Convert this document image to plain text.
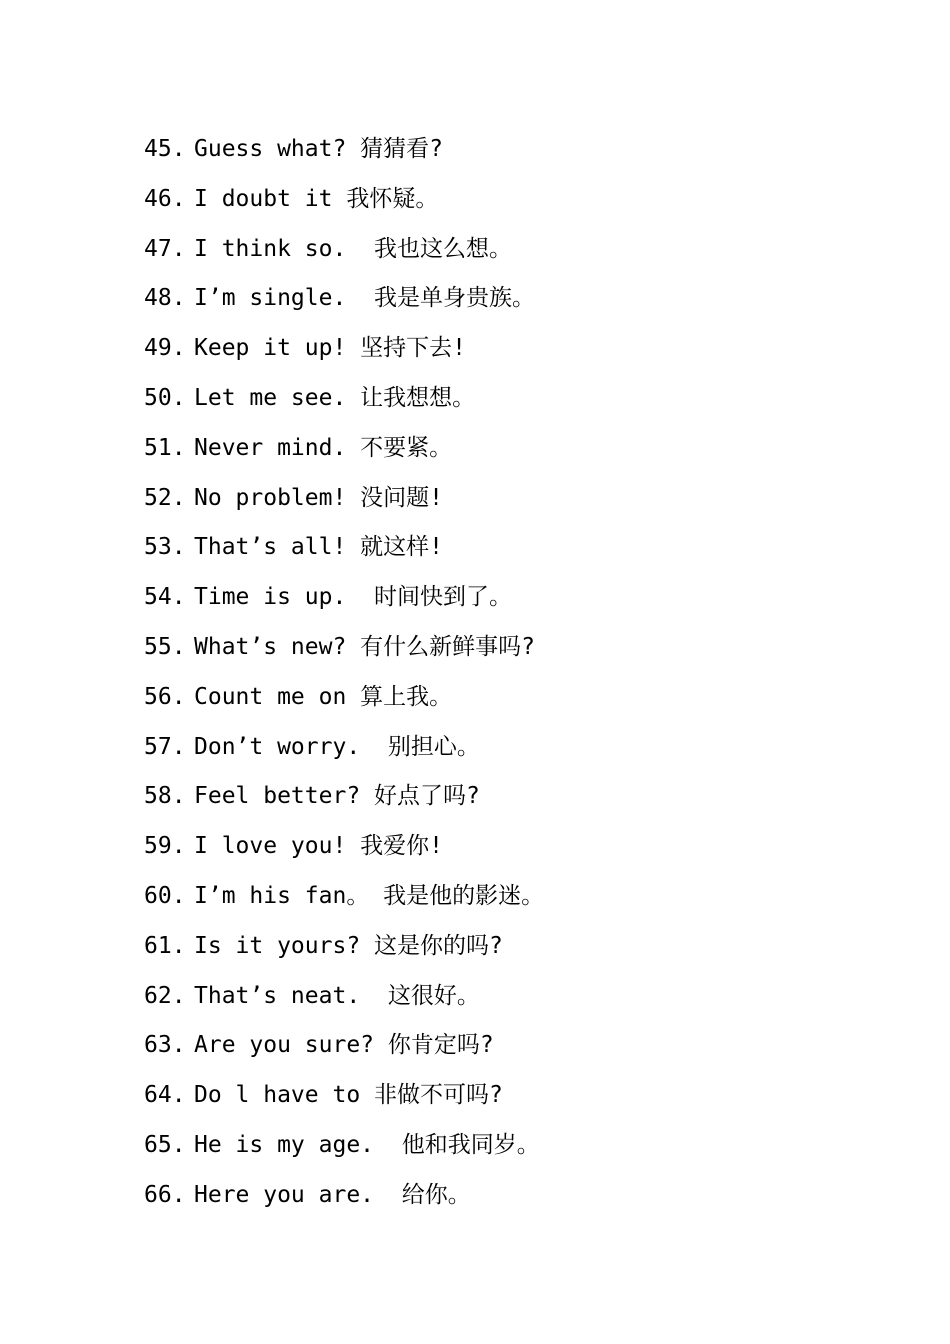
45. Guess what? 猜猜看?
46. I doubt it 我怀疑。
47. I think so.  我也这么想。
48. I’m single.  我是单身贵族。
49. Keep it up! 坚持下去!
50. Let me see. 让我想想。
51. Never mind. 不要紧。
52. No problem! 没问题!
53. That’s all! 就这样!
54. Time is up.  时间快到了。
55. What’s new? 有什么新鲜事吗?
56. Count me on 算上我。
57. Don’t worry.  别担心。
58. Feel better? 好点了吗?
59. I love you! 我爱你!
60. I’m his fan。 我是他的影迷。
61. Is it yours? 这是你的吗?
62. That’s neat.  这很好。
63. Are you sure? 你肯定吗?
64. Do l have to 非做不可吗?
65. He is my age.  他和我同岁。
66. Here you are.  给你。
